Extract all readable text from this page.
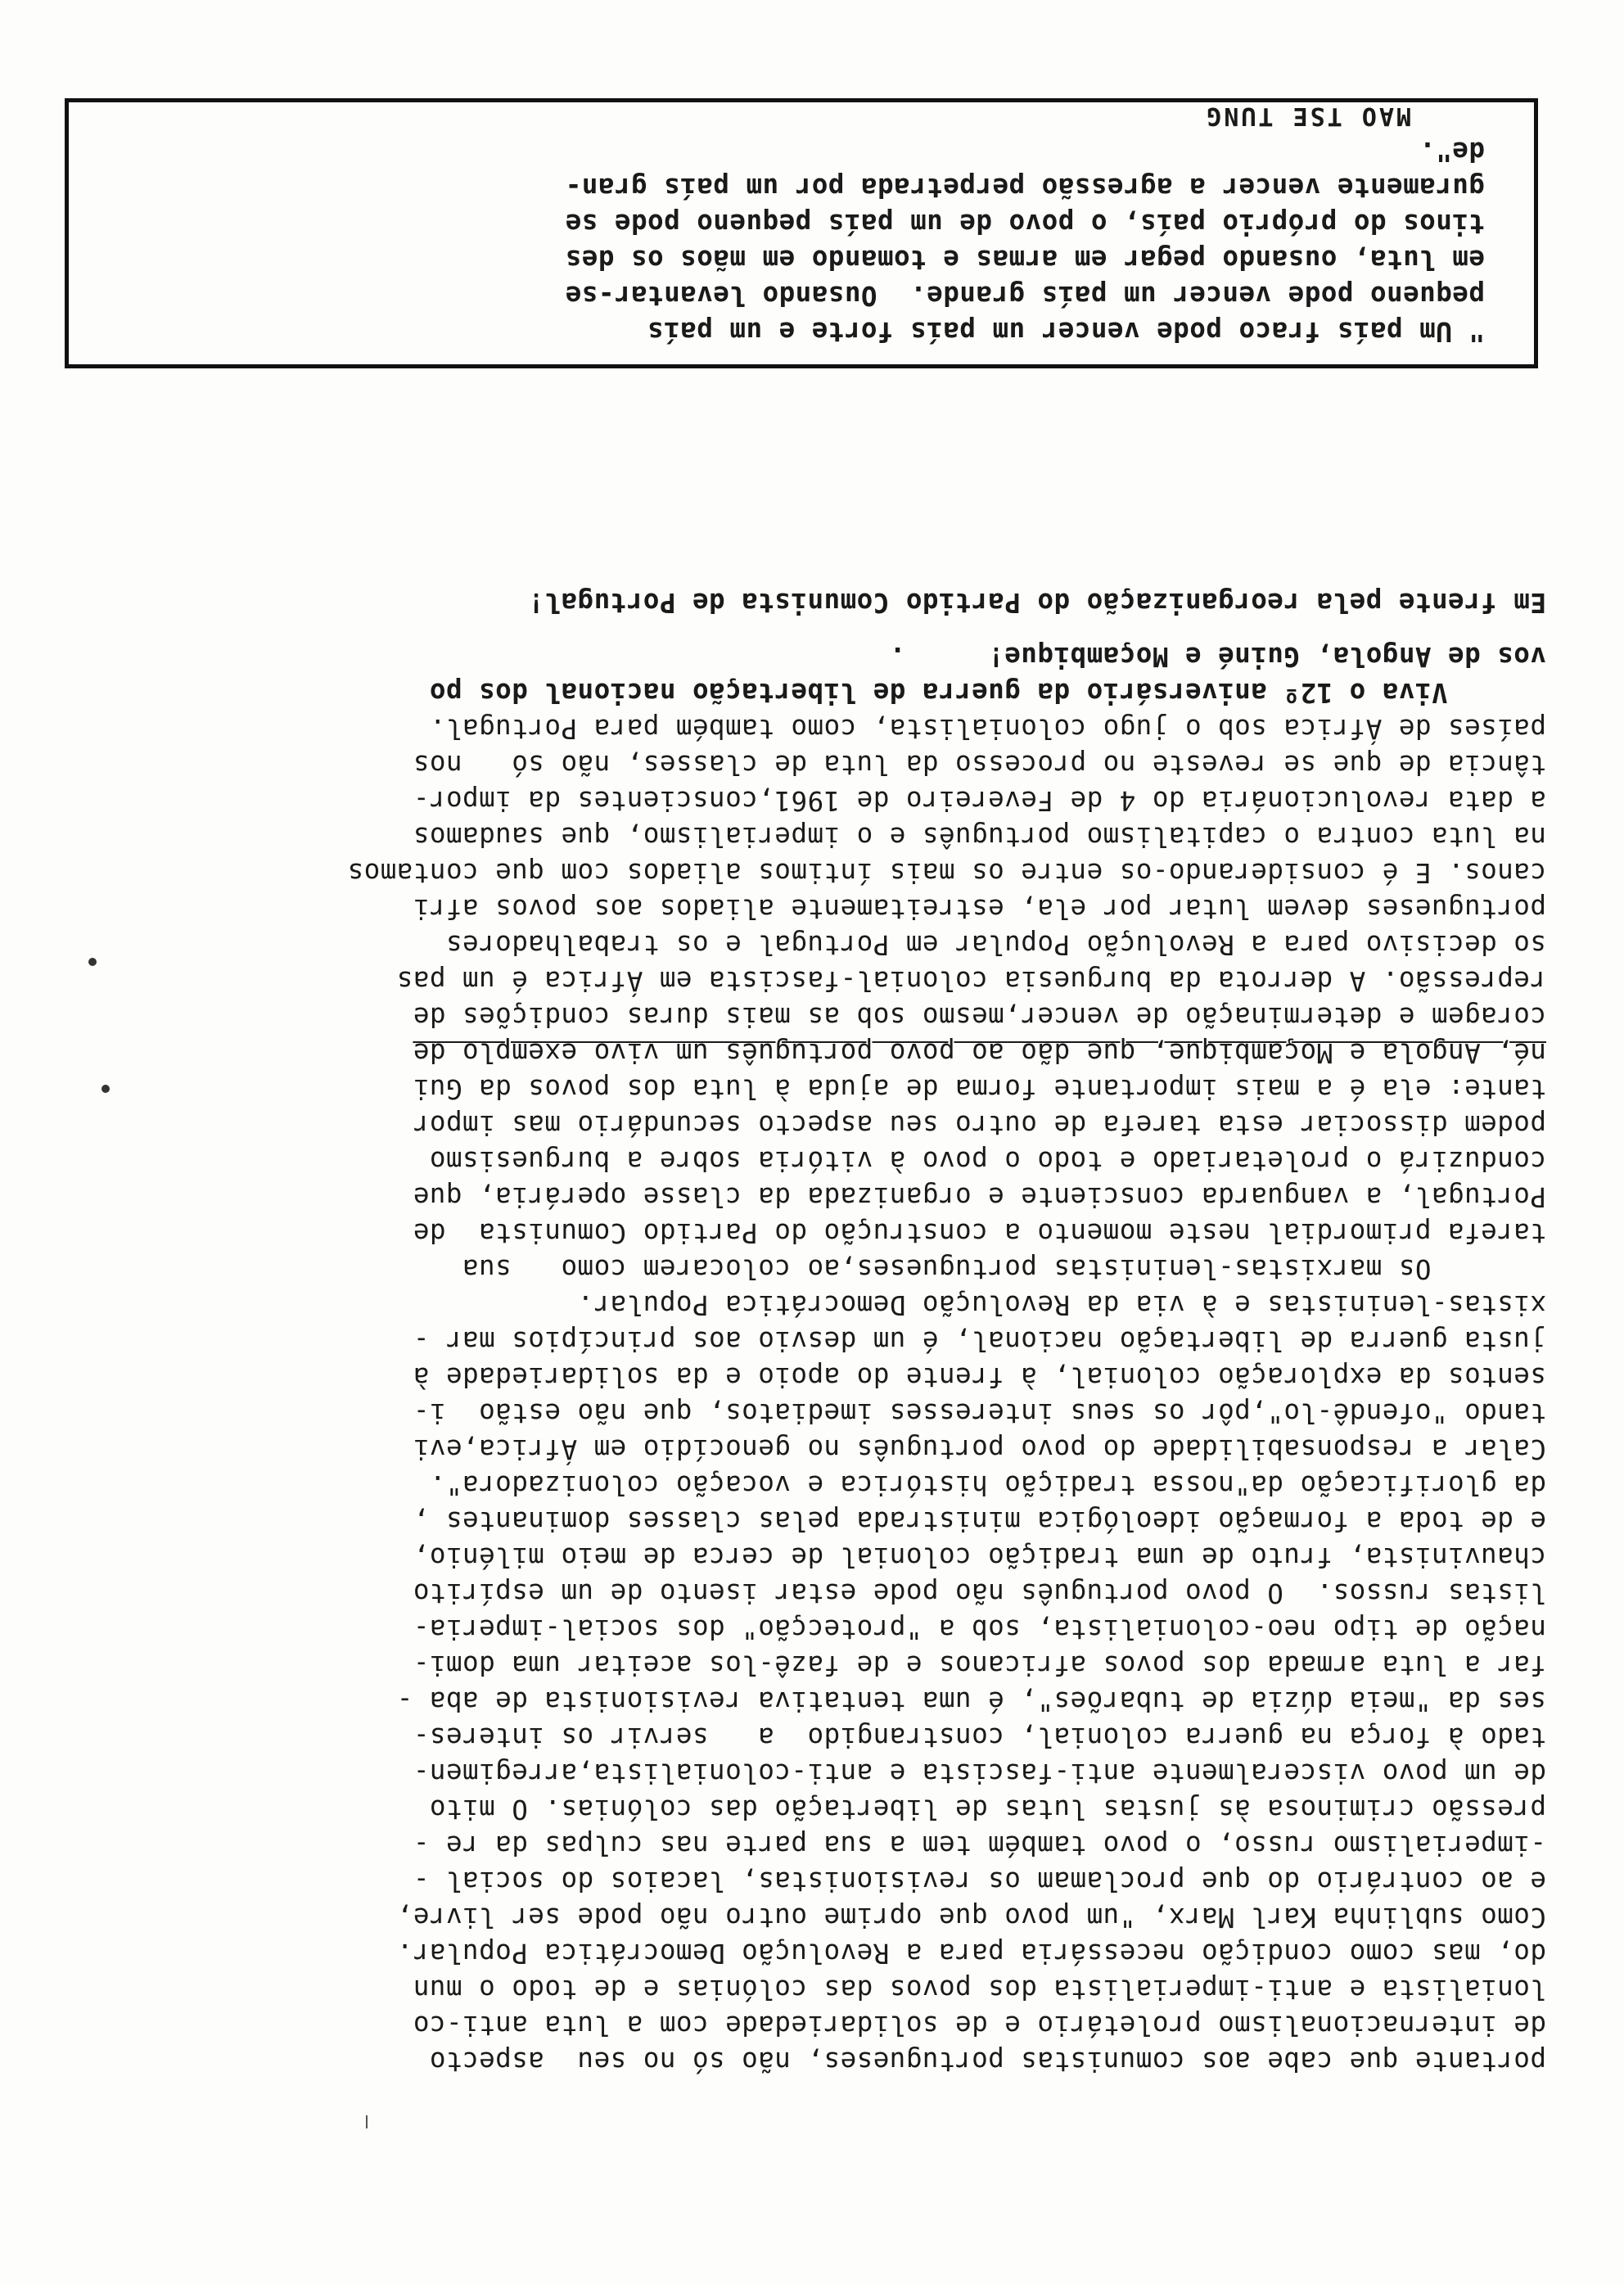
portante que cabe aos comunistas portugueses, não só no seu  aspecto
de internacionalismo proletário e de solidariedade com a luta anti-co
lonialista e anti-imperialista dos povos das colónias e de todo o mun
do, mas como condição necessária para a Revolução Democrática Popular.
Como sublinha Karl Marx, "um povo que oprime outro não pode ser livre,
e ao contrário do que proclamam os revisionistas, lacaios do social -
-imperialismo russo, o povo também tem a sua parte nas culpas da re -
pressão criminosa às justas lutas de libertação das colónias. O mito
de um povo visceralmente anti-fascista e anti-colonialista,arregimen-
tado à força na guerra colonial, constrangido  a   servir os interes-
ses da "meia dúzia de tubarões", é uma tentativa revisionista de aba -
far a luta armada dos povos africanos e de fazê-los aceitar uma domi-
nação de tipo neo-colonialista, sob a "protecção" dos social-imperia-
listas russos.  O povo português não pode estar isento de um espírito
chauvinista, fruto de uma tradição colonial de cerca de meio milénio,
e de toda a formação ideológica ministrada pelas classes dominantes ,
da glorificação da"nossa tradição histórica e vocação colonizadora".
Calar a responsabilidade do povo português no genocídio em África,evi
tando "ofendê-lo",pôr os seus interesses imediatos, que não estão  i-
sentos da exploração colonial, à frente do apoio e da solidariedade à
justa guerra de libertação nacional, é um desvio aos princípios mar -
xistas-leninistas e à via da Revolução Democrática Popular.
Os marxistas-leninistas portugueses,ao colocarem como   sua
tarefa primordial neste momento a construção do Partido Comunista  de
Portugal, a vanguarda consciente e organizada da classe operária, que
conduzirá o proletariado e todo o povo à vitória sobre a burguesismo
podem dissociar esta tarefa de outro seu aspecto secundário mas impor
tante: ela é a mais importante forma de ajuda à luta dos povos da Gui
né, Angola e Moçambique, que dão ao povo português um vivo exemplo de
coragem e determinação de vencer,mesmo sob as mais duras condições de
repressão. A derrota da burguesia colonial-fascista em África é um pas
so decisivo para a Revolução Popular em Portugal e os trabalhadores
portugueses devem lutar por ela, estreitamente aliados aos povos afri
canos. E é considerando-os entre os mais íntimos aliados com que contamos
na luta contra o capitalismo português e o imperialismo, que saudamos
a data revolucionária do 4 de Fevereiro de 1961,conscientes da impor-
tância de que se reveste no processo da luta de classes, não só   nos
países de África sob o jugo colonialista, como também para Portugal.
Viva o 12º aniversário da guerra de libertação nacional dos po
vos de Angola, Guiné e Moçambique!     .
Em frente pela reorganização do Partido Comunista de Portugal!
" Um país fraco pode vencer um país forte e um país
pequeno pode vencer um país grande.  Ousando levantar-se
em luta, ousando pegar em armas e tomando em mãos os des
tinos do próprio país, o povo de um país pequeno pode se
guramente vencer a agressão perpetrada por um país gran-
de".
MAO TSE TUNG
